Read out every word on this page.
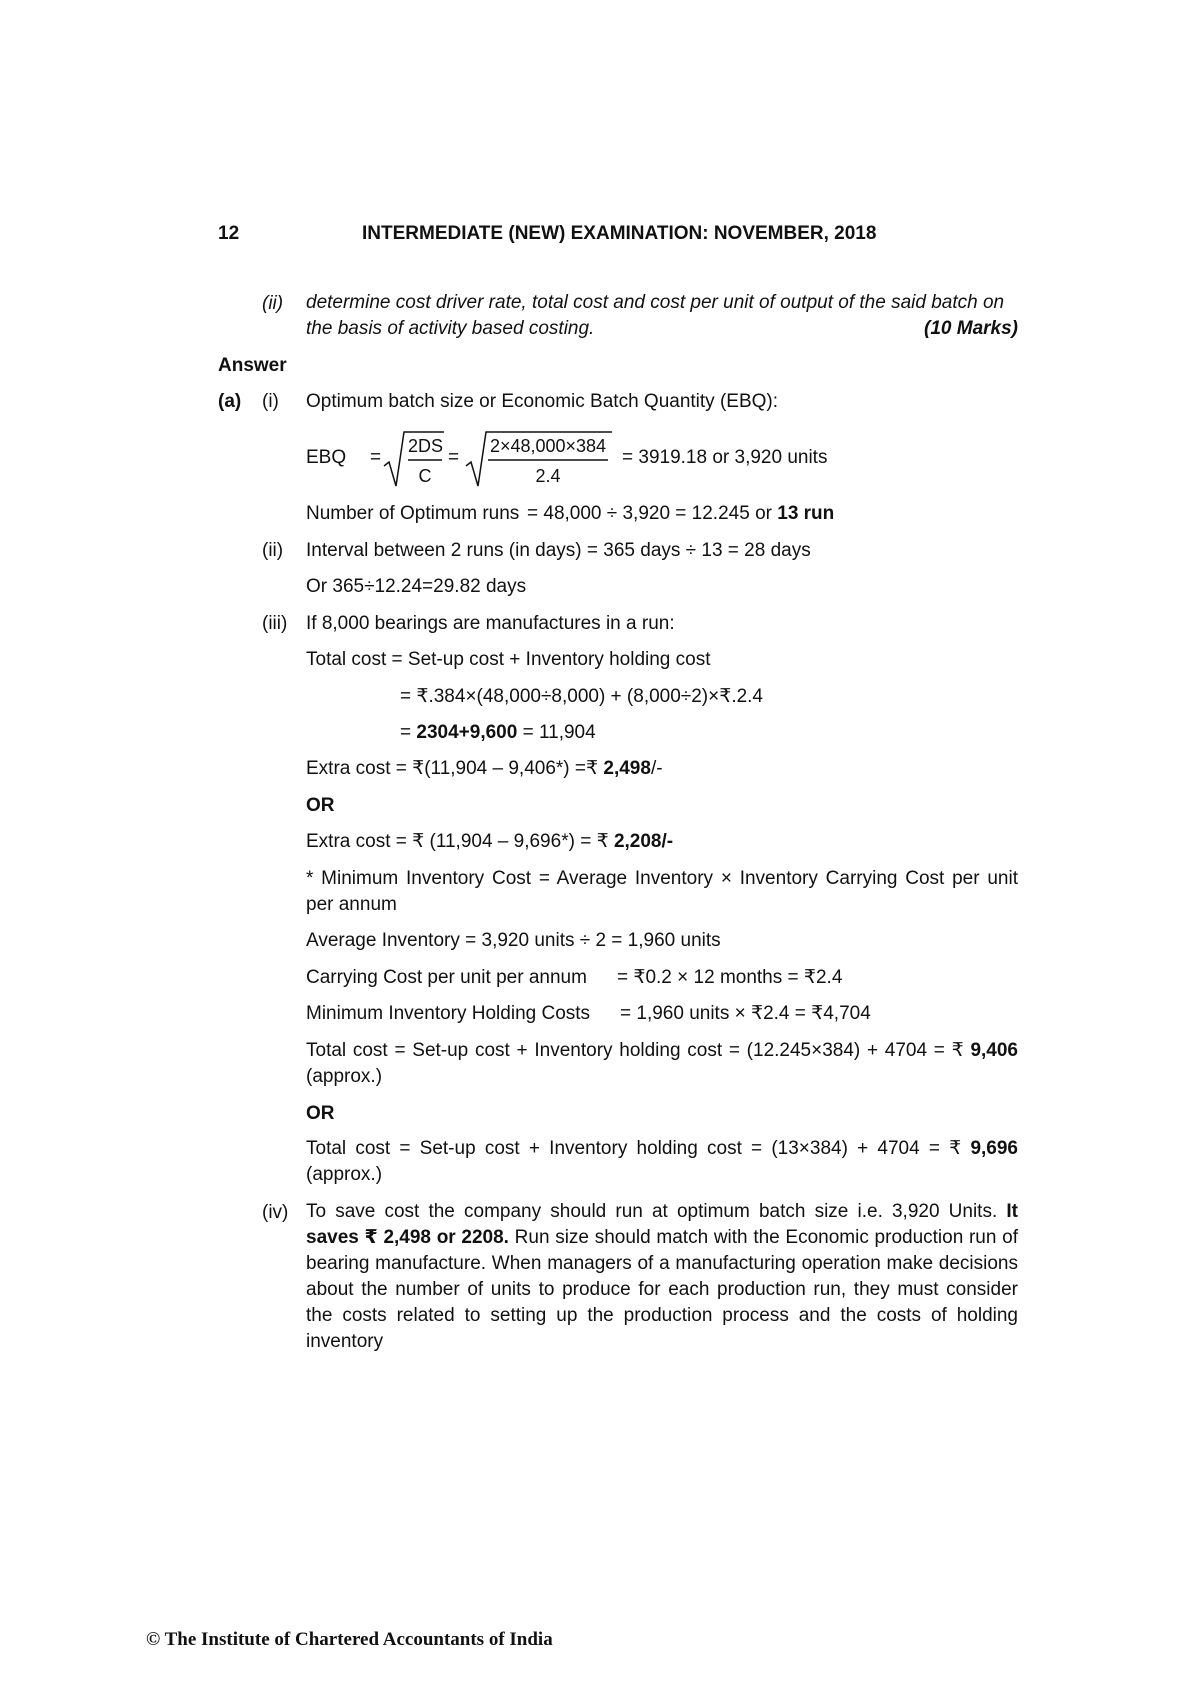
12	INTERMEDIATE (NEW) EXAMINATION: NOVEMBER, 2018
(ii) determine cost driver rate, total cost and cost per unit of output of the said batch on
the basis of activity based costing.	(10 Marks)
Answer
(a) (i) Optimum batch size or Economic Batch Quantity (EBQ):
EBQ =
2DS
C
=
2×48,000×384
2.4
= 3919.18 or 3,920 units
Number of Optimum runs = 48,000 ÷ 3,920 = 12.245 or 13 run
(ii) Interval between 2 runs (in days) = 365 days ÷ 13 = 28 days
Or 365÷12.24=29.82 days
(iii) If 8,000 bearings are manufactures in a run:
Total cost = Set-up cost + Inventory holding cost
= ₹.384×(48,000÷8,000) + (8,000÷2)×₹.2.4
= 2304+9,600 = 11,904
Extra cost = ₹(11,904 – 9,406*) =₹ 2,498/-
OR
Extra cost = ₹ (11,904 – 9,696*) = ₹ 2,208/-
* Minimum Inventory Cost = Average Inventory × Inventory Carrying Cost per unit per annum
Average Inventory = 3,920 units ÷ 2 = 1,960 units
Carrying Cost per unit per annum = ₹0.2 × 12 months = ₹2.4
Minimum Inventory Holding Costs = 1,960 units × ₹2.4 = ₹4,704
Total cost = Set-up cost + Inventory holding cost = (12.245×384) + 4704 = ₹ 9,406 (approx.)
OR
Total cost = Set-up cost + Inventory holding cost = (13×384) + 4704 = ₹ 9,696 (approx.)
(iv) To save cost the company should run at optimum batch size i.e. 3,920 Units. It saves ₹ 2,498 or 2208. Run size should match with the Economic production run of bearing manufacture. When managers of a manufacturing operation make decisions about the number of units to produce for each production run, they must consider the costs related to setting up the production process and the costs of holding inventory
© The Institute of Chartered Accountants of India
